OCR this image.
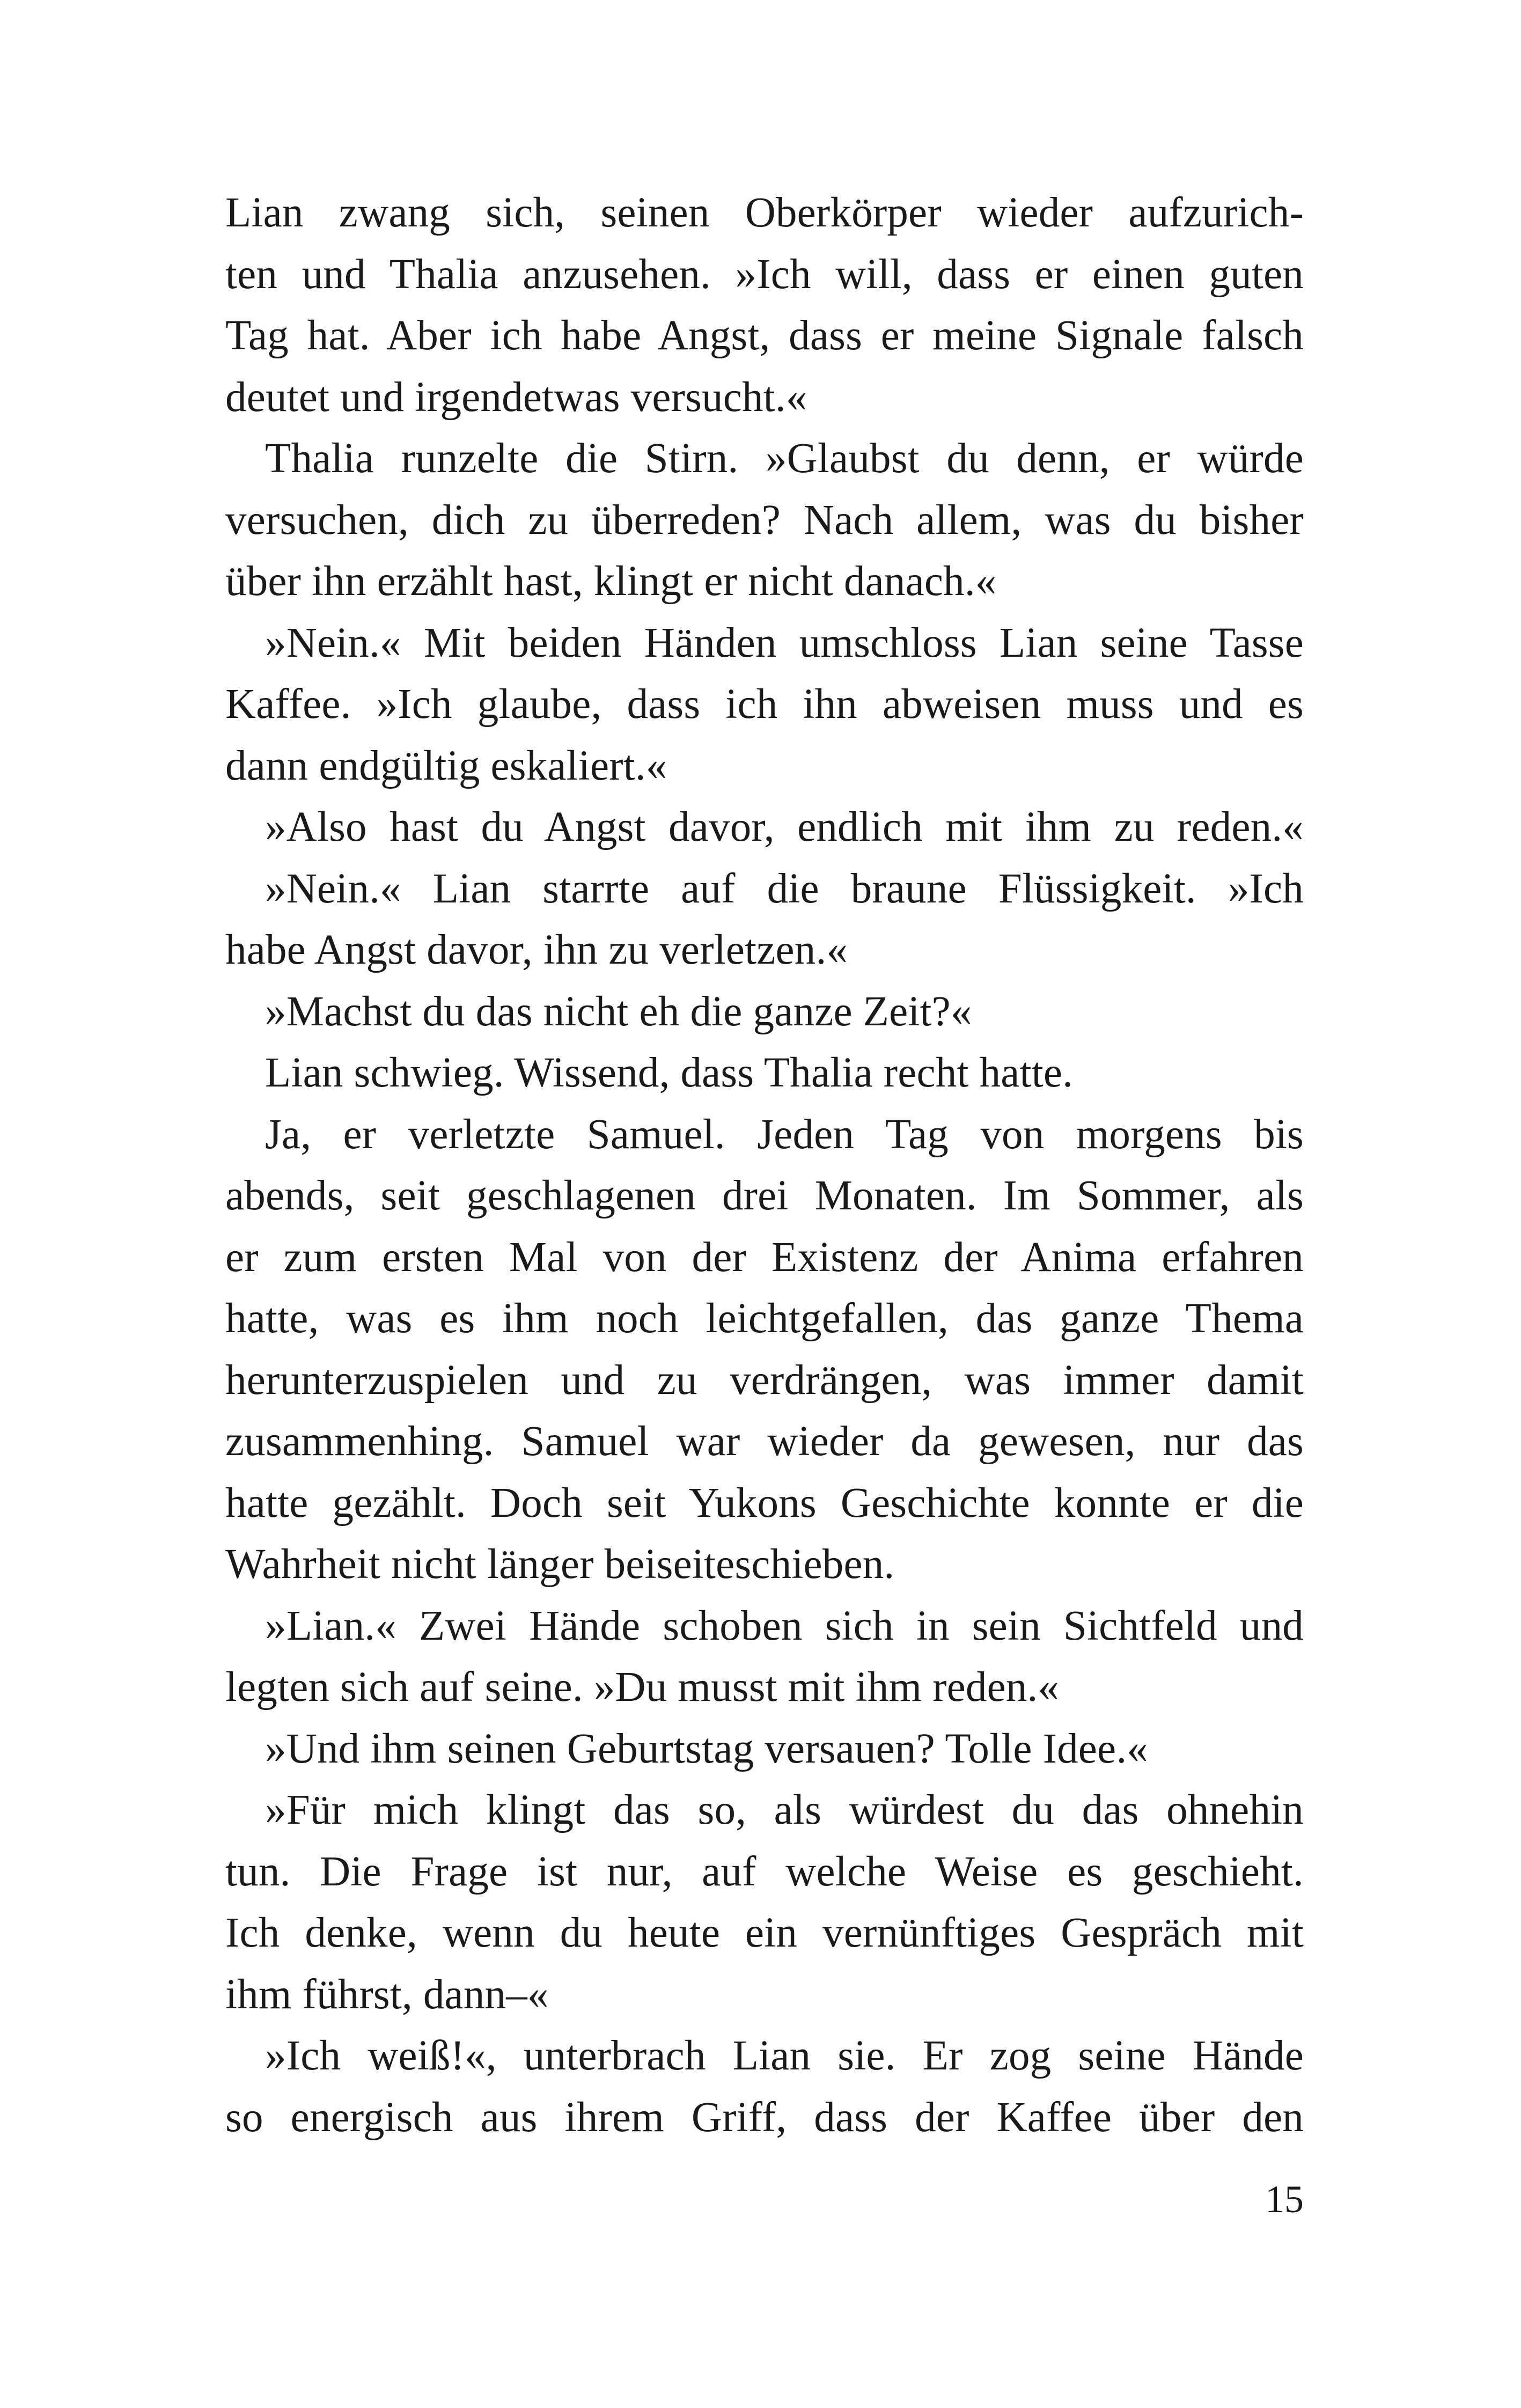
Lian zwang sich, seinen Oberkörper wieder aufzurich-
ten und Thalia anzusehen. »Ich will, dass er einen guten
Tag hat. Aber ich habe Angst, dass er meine Signale falsch
deutet und irgendetwas versucht.«
Thalia runzelte die Stirn. »Glaubst du denn, er würde
versuchen, dich zu überreden? Nach allem, was du bisher
über ihn erzählt hast, klingt er nicht danach.«
»Nein.« Mit beiden Händen umschloss Lian seine Tasse
Kaffee. »Ich glaube, dass ich ihn abweisen muss und es
dann endgültig eskaliert.«
»Also hast du Angst davor, endlich mit ihm zu reden.«
»Nein.« Lian starrte auf die braune Flüssigkeit. »Ich
habe Angst davor, ihn zu verletzen.«
»Machst du das nicht eh die ganze Zeit?«
Lian schwieg. Wissend, dass Thalia recht hatte.
Ja, er verletzte Samuel. Jeden Tag von morgens bis
abends, seit geschlagenen drei Monaten. Im Sommer, als
er zum ersten Mal von der Existenz der Anima erfahren
hatte, was es ihm noch leichtgefallen, das ganze Thema
herunterzuspielen und zu verdrängen, was immer damit
zusammenhing. Samuel war wieder da gewesen, nur das
hatte gezählt. Doch seit Yukons Geschichte konnte er die
Wahrheit nicht länger beiseiteschieben.
»Lian.« Zwei Hände schoben sich in sein Sichtfeld und
legten sich auf seine. »Du musst mit ihm reden.«
»Und ihm seinen Geburtstag versauen? Tolle Idee.«
»Für mich klingt das so, als würdest du das ohnehin
tun. Die Frage ist nur, auf welche Weise es geschieht.
Ich denke, wenn du heute ein vernünftiges Gespräch mit
ihm führst, dann–«
»Ich weiß!«, unterbrach Lian sie. Er zog seine Hände
so energisch aus ihrem Griff, dass der Kaffee über den
15
